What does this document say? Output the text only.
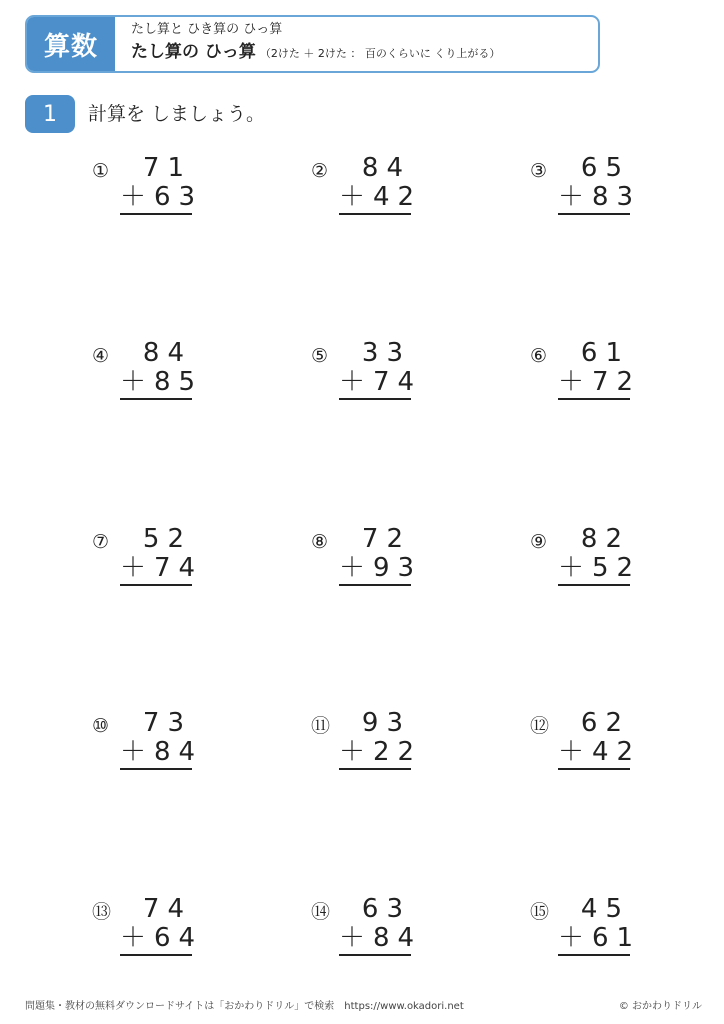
算数
たし算と ひき算の ひっ算
たし算の ひっ算 （2けた ＋ 2けた ： 百のくらいに くり上がる）
1	計算を しましょう。
①	71
＋63
②	84
＋42
③	65
＋83
④	84
＋85
⑤	33
＋74
⑥	61
＋72
⑦	52
＋74
⑧	72
＋93
⑨	82
＋52
⑩	73
＋84
⑪	93
＋22
⑫	62
＋42
⑬	74
＋64
⑭	63
＋84
⑮	45
＋61
問題集・教材の無料ダウンロードサイトは「おかわりドリル」で検索　https://www.okadori.net	© おかわりドリル
